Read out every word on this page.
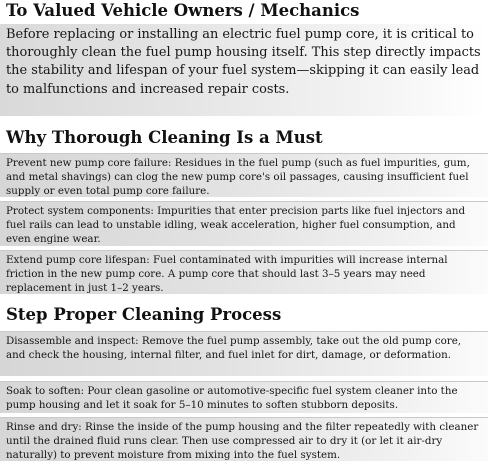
To Valued Vehicle Owners / Mechanics
Before replacing or installing an electric fuel pump core, it is critical to thoroughly clean the fuel pump housing itself. This step directly impacts the stability and lifespan of your fuel system—skipping it can easily lead to malfunctions and increased repair costs.
Why Thorough Cleaning Is a Must
Prevent new pump core failure: Residues in the fuel pump (such as fuel impurities, gum, and metal shavings) can clog the new pump core's oil passages, causing insufficient fuel supply or even total pump core failure.
Protect system components: Impurities that enter precision parts like fuel injectors and fuel rails can lead to unstable idling, weak acceleration, higher fuel consumption, and even engine wear.
Extend pump core lifespan: Fuel contaminated with impurities will increase internal friction in the new pump core. A pump core that should last 3–5 years may need replacement in just 1–2 years.
Step Proper Cleaning Process
Disassemble and inspect: Remove the fuel pump assembly, take out the old pump core, and check the housing, internal filter, and fuel inlet for dirt, damage, or deformation.
Soak to soften: Pour clean gasoline or automotive-specific fuel system cleaner into the pump housing and let it soak for 5–10 minutes to soften stubborn deposits.
Rinse and dry: Rinse the inside of the pump housing and the filter repeatedly with cleaner until the drained fluid runs clear. Then use compressed air to dry it (or let it air-dry naturally) to prevent moisture from mixing into the fuel system.
